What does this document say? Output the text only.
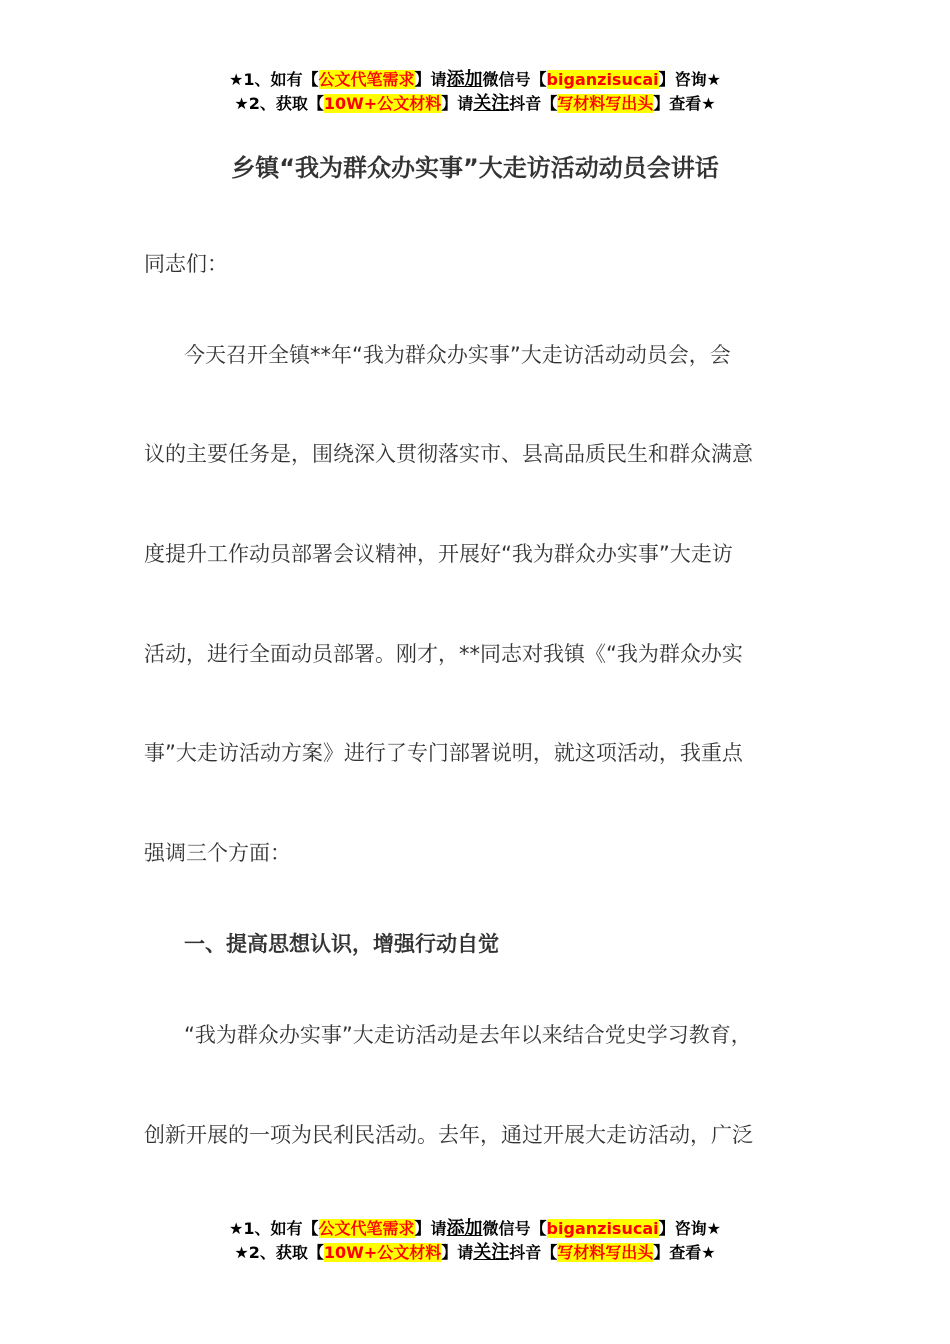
★1、如有【公文代笔需求】请添加微信号【biganzisucai】咨询★
★2、获取【10W+公文材料】请关注抖音【写材料写出头】查看★
乡镇“我为群众办实事”大走访活动动员会讲话
同志们：
今天召开全镇**年“我为群众办实事”大走访活动动员会，会
议的主要任务是，围绕深入贯彻落实市、县高品质民生和群众满意
度提升工作动员部署会议精神，开展好“我为群众办实事”大走访
活动，进行全面动员部署。刚才，**同志对我镇《“我为群众办实
事”大走访活动方案》进行了专门部署说明，就这项活动，我重点
强调三个方面：
一、提高思想认识，增强行动自觉
“我为群众办实事”大走访活动是去年以来结合党史学习教育，
创新开展的一项为民利民活动。去年，通过开展大走访活动，广泛
★1、如有【公文代笔需求】请添加微信号【biganzisucai】咨询★
★2、获取【10W+公文材料】请关注抖音【写材料写出头】查看★
